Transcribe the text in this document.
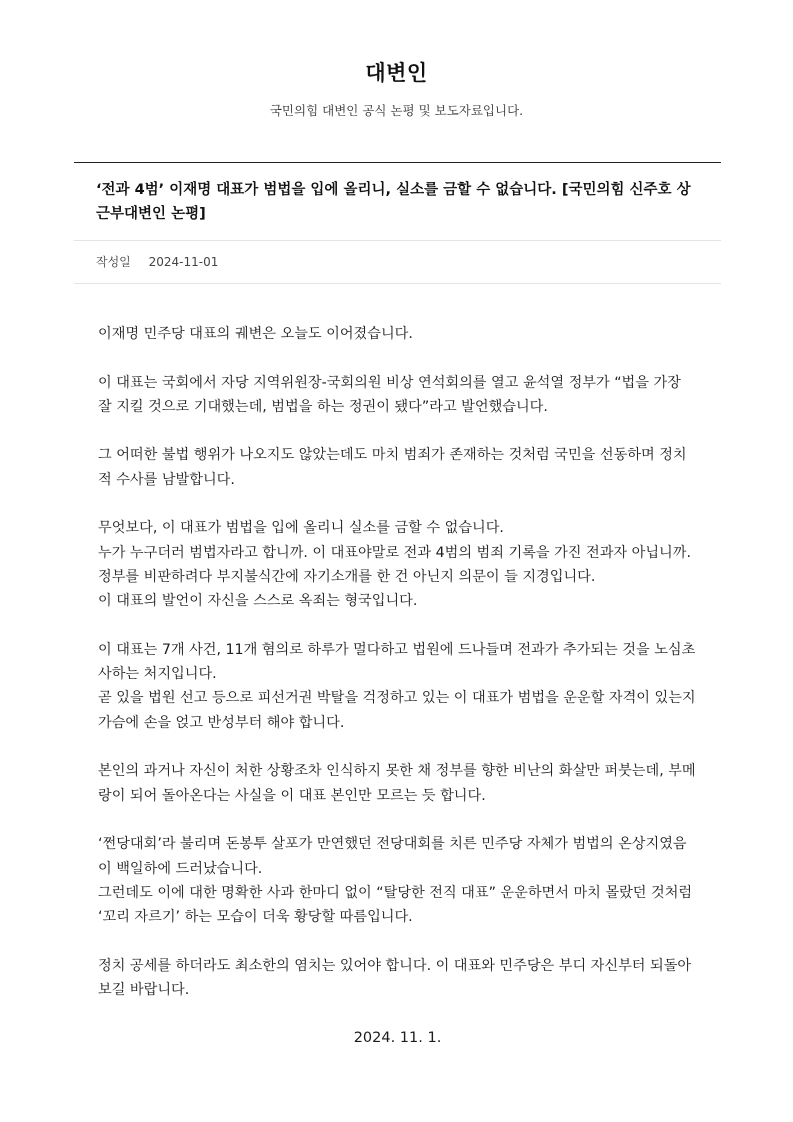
대변인
국민의힘 대변인 공식 논평 및 보도자료입니다.
‘전과 4범’ 이재명 대표가 범법을 입에 올리니, 실소를 금할 수 없습니다. [국민의힘 신주호 상근부대변인 논평]
작성일 2024-11-01

이재명 민주당 대표의 궤변은 오늘도 이어졌습니다.

이 대표는 국회에서 자당 지역위원장-국회의원 비상 연석회의를 열고 윤석열 정부가 “법을 가장 잘 지킬 것으로 기대했는데, 범법을 하는 정권이 됐다”라고 발언했습니다.

그 어떠한 불법 행위가 나오지도 않았는데도 마치 범죄가 존재하는 것처럼 국민을 선동하며 정치적 수사를 남발합니다.

무엇보다, 이 대표가 범법을 입에 올리니 실소를 금할 수 없습니다.
누가 누구더러 범법자라고 합니까. 이 대표야말로 전과 4범의 범죄 기록을 가진 전과자 아닙니까.
정부를 비판하려다 부지불식간에 자기소개를 한 건 아닌지 의문이 들 지경입니다.
이 대표의 발언이 자신을 스스로 옥죄는 형국입니다.

이 대표는 7개 사건, 11개 혐의로 하루가 멀다하고 법원에 드나들며 전과가 추가되는 것을 노심초사하는 처지입니다.
곧 있을 법원 선고 등으로 피선거권 박탈을 걱정하고 있는 이 대표가 범법을 운운할 자격이 있는지 가슴에 손을 얹고 반성부터 해야 합니다.

본인의 과거나 자신이 처한 상황조차 인식하지 못한 채 정부를 향한 비난의 화살만 퍼붓는데, 부메랑이 되어 돌아온다는 사실을 이 대표 본인만 모르는 듯 합니다.

‘쩐당대회’라 불리며 돈봉투 살포가 만연했던 전당대회를 치른 민주당 자체가 범법의 온상지였음이 백일하에 드러났습니다.
그런데도 이에 대한 명확한 사과 한마디 없이 “탈당한 전직 대표” 운운하면서 마치 몰랐던 것처럼 ‘꼬리 자르기’ 하는 모습이 더욱 황당할 따름입니다.

정치 공세를 하더라도 최소한의 염치는 있어야 합니다. 이 대표와 민주당은 부디 자신부터 되돌아보길 바랍니다.

2024. 11. 1.
